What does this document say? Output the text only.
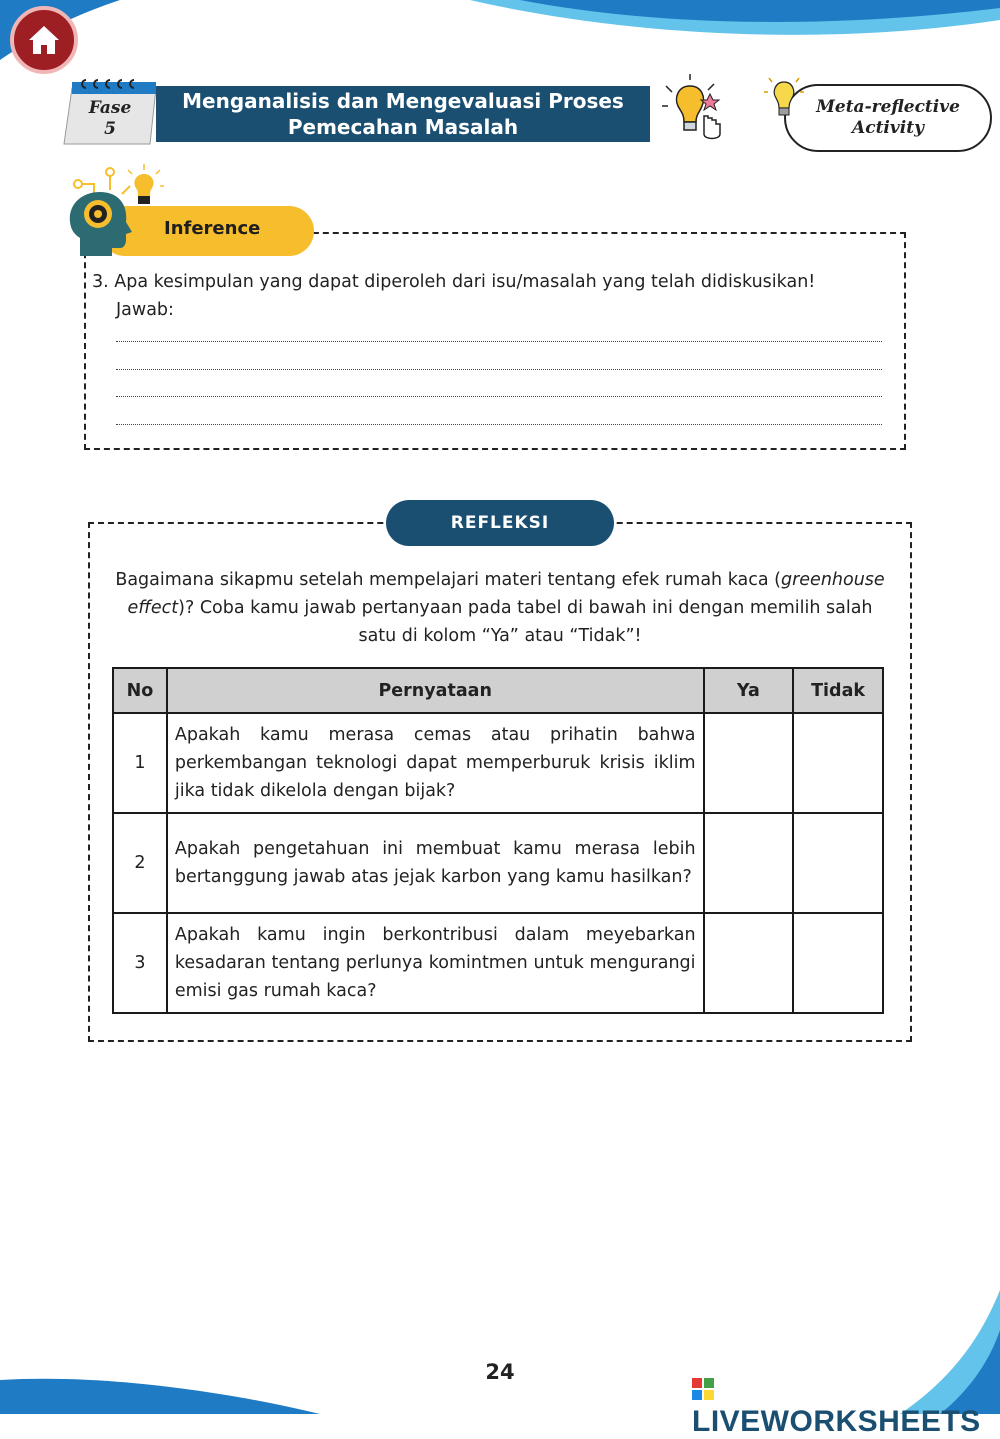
Fase
5
Menganalisis dan Mengevaluasi Proses
Pemecahan Masalah
Meta-reflective
Activity
Inference
3. Apa kesimpulan yang dapat diperoleh dari isu/masalah yang telah didiskusikan!
Jawab:
REFLEKSI
Bagaimana sikapmu setelah mempelajari materi tentang efek rumah kaca (greenhouse effect)? Coba kamu jawab pertanyaan pada tabel di bawah ini dengan memilih salah satu di kolom “Ya” atau “Tidak”!
No	Pernyataan	Ya	Tidak
1	Apakah kamu merasa cemas atau prihatin bahwa perkembangan teknologi dapat memperburuk krisis iklim jika tidak dikelola dengan bijak?		
2	Apakah pengetahuan ini membuat kamu merasa lebih bertanggung jawab atas jejak karbon yang kamu hasilkan?		
3	Apakah kamu ingin berkontribusi dalam meyebarkan kesadaran tentang perlunya komintmen untuk mengurangi emisi gas rumah kaca?		
24
LIVEWORKSHEETS
